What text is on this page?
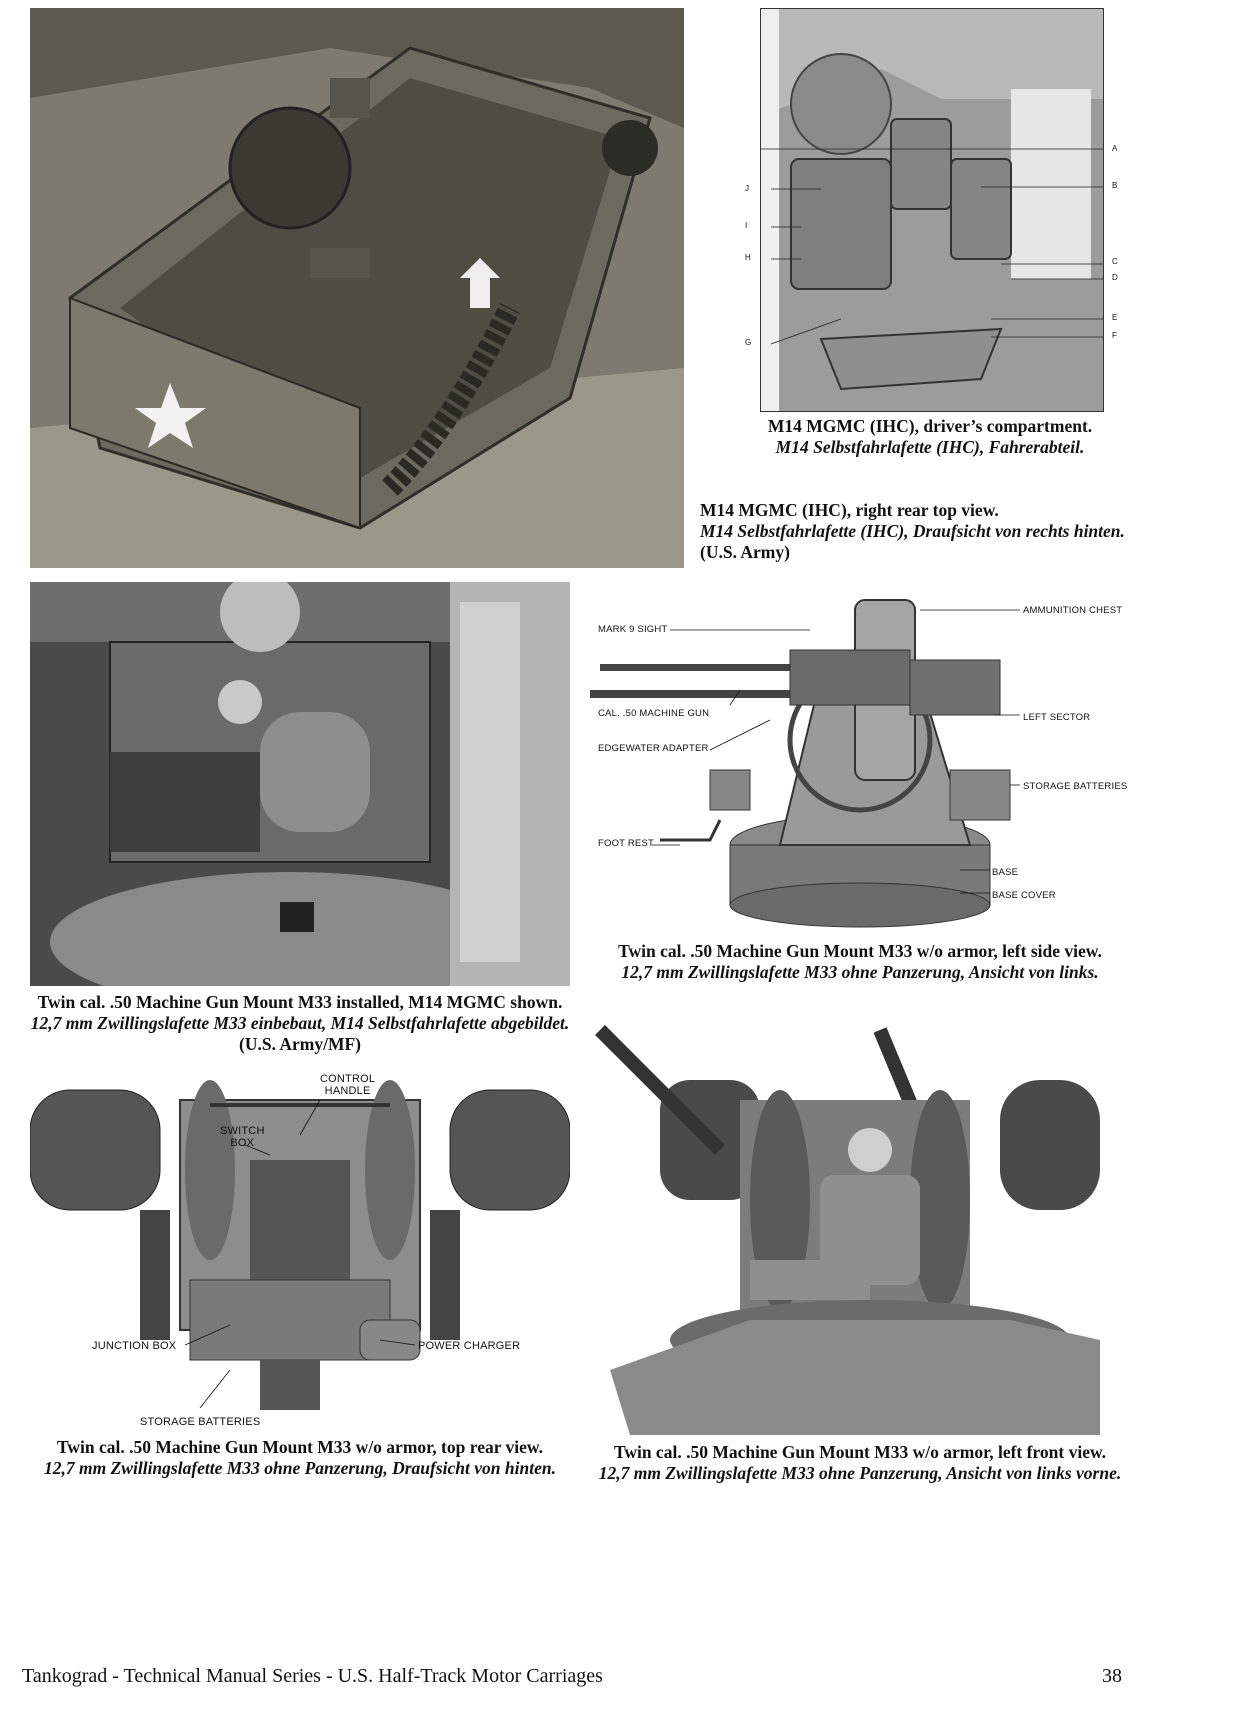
A
B
C
D
E
F
G
H
I
J
M14 MGMC (IHC), driver’s compartment.
M14 Selbstfahrlafette (IHC), Fahrerabteil.
M14 MGMC (IHC), right rear top view.
M14 Selbstfahrlafette (IHC), Draufsicht von rechts hinten.
(U.S. Army)
Twin cal. .50 Machine Gun Mount M33 installed, M14 MGMC shown.
12,7 mm Zwillingslafette M33 einbebaut, M14 Selbstfahrlafette abgebildet.
(U.S. Army/MF)
MARK 9 SIGHT
AMMUNITION CHEST
CAL. .50 MACHINE GUN	LEFT SECTOR
EDGEWATER ADAPTER
STORAGE BATTERIES
FOOT REST
BASE
BASE COVER
Twin cal. .50 Machine Gun Mount M33 w/o armor, left side view.
12,7 mm Zwillingslafette M33 ohne Panzerung, Ansicht von links.
CONTROL
HANDLE
SWITCH
BOX
JUNCTION BOX	POWER CHARGER
STORAGE BATTERIES
Twin cal. .50 Machine Gun Mount M33 w/o armor, top rear view.
12,7 mm Zwillingslafette M33 ohne Panzerung, Draufsicht von hinten.
Twin cal. .50 Machine Gun Mount M33 w/o armor, left front view.
12,7 mm Zwillingslafette M33 ohne Panzerung, Ansicht von links vorne.
Tankograd - Technical Manual Series - U.S. Half-Track Motor Carriages	38
